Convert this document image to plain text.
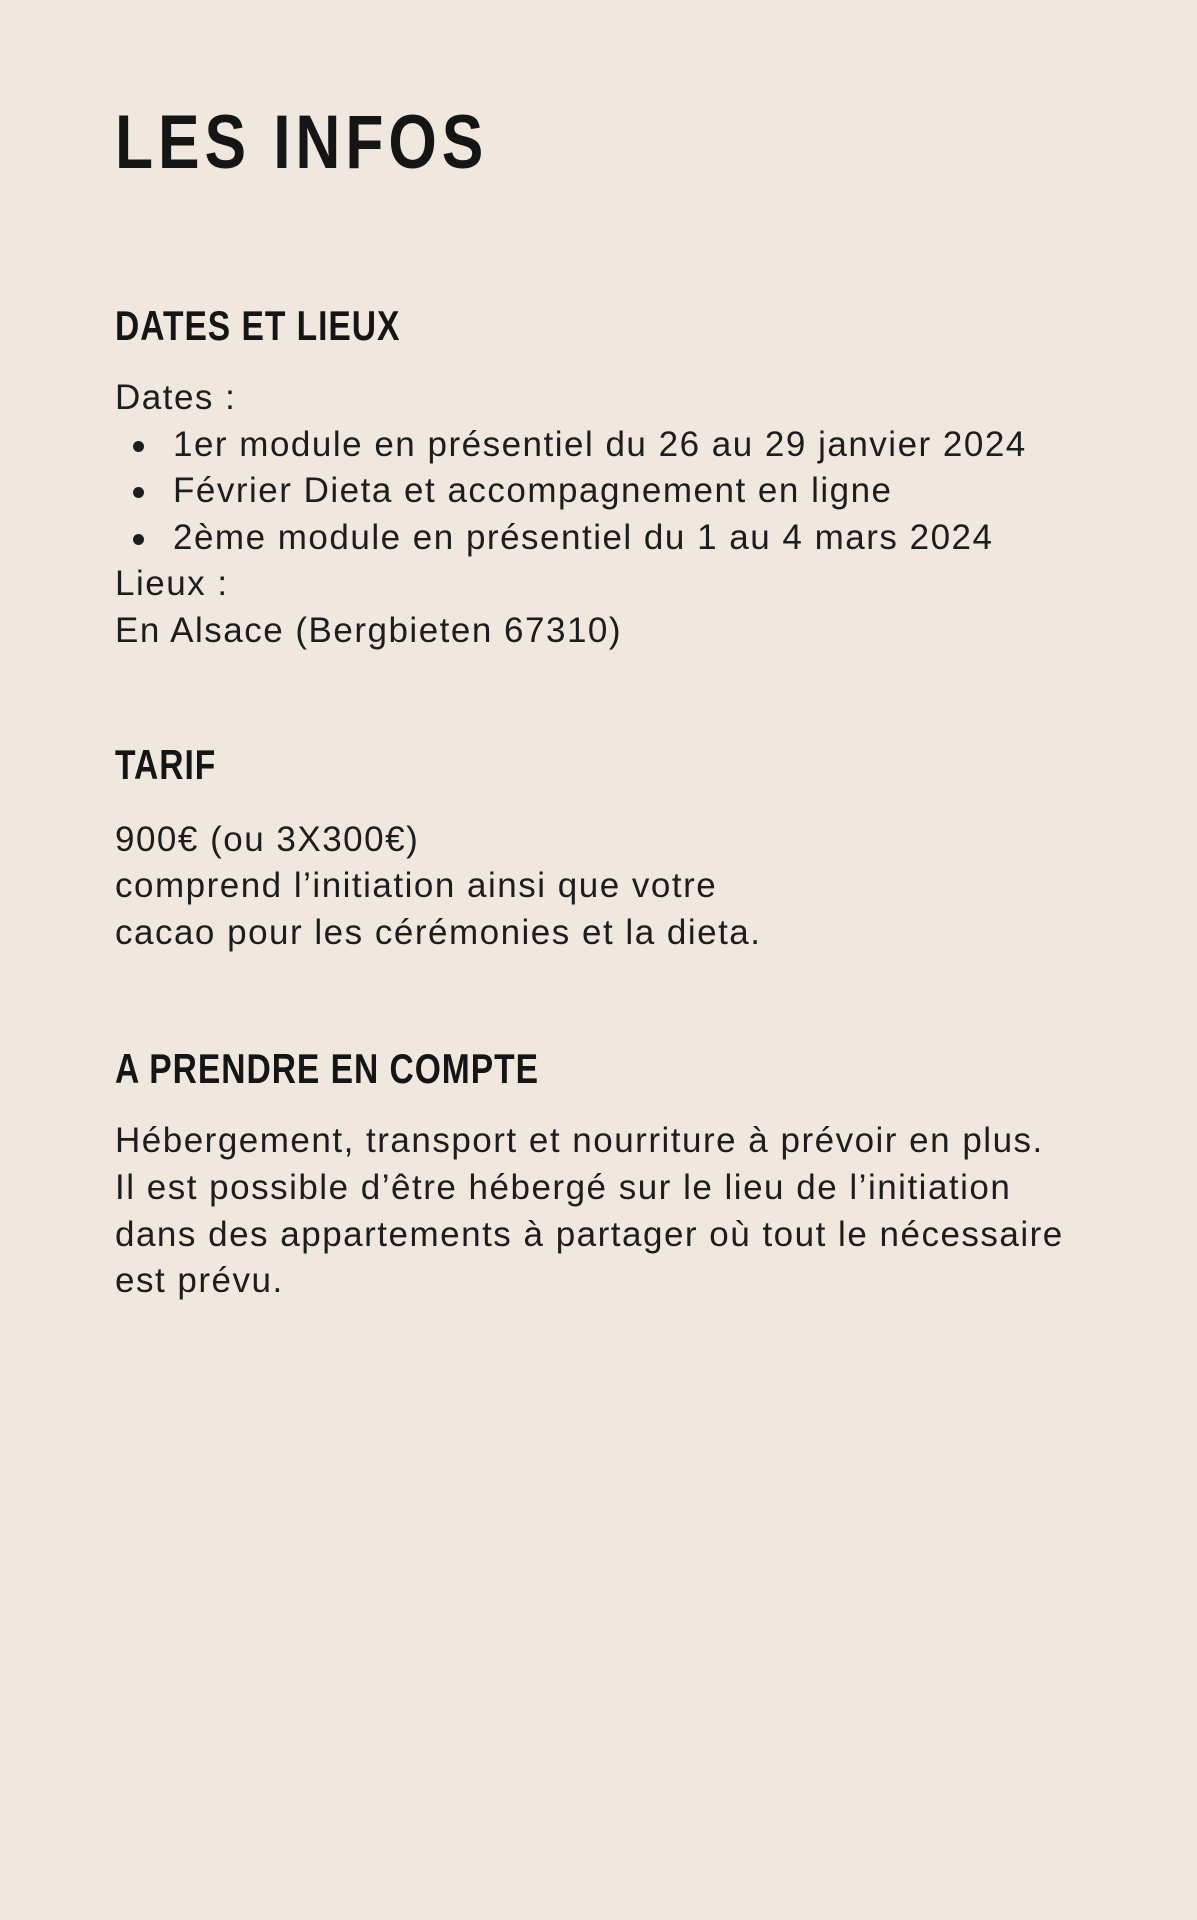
LES INFOS
DATES ET LIEUX

Dates :

1er module en présentiel du 26 au 29 janvier 2024
Février Dieta et accompagnement en ligne
2ème module en présentiel du 1 au 4 mars 2024

Lieux :

En Alsace (Bergbieten 67310)

TARIF

900€ (ou 3X300€)

comprend l’initiation ainsi que votre

cacao pour les cérémonies et la dieta.

A PRENDRE EN COMPTE

Hébergement, transport et nourriture à prévoir en plus.

Il est possible d’être hébergé sur le lieu de l’initiation dans des appartements à partager où tout le nécessaire est prévu.
